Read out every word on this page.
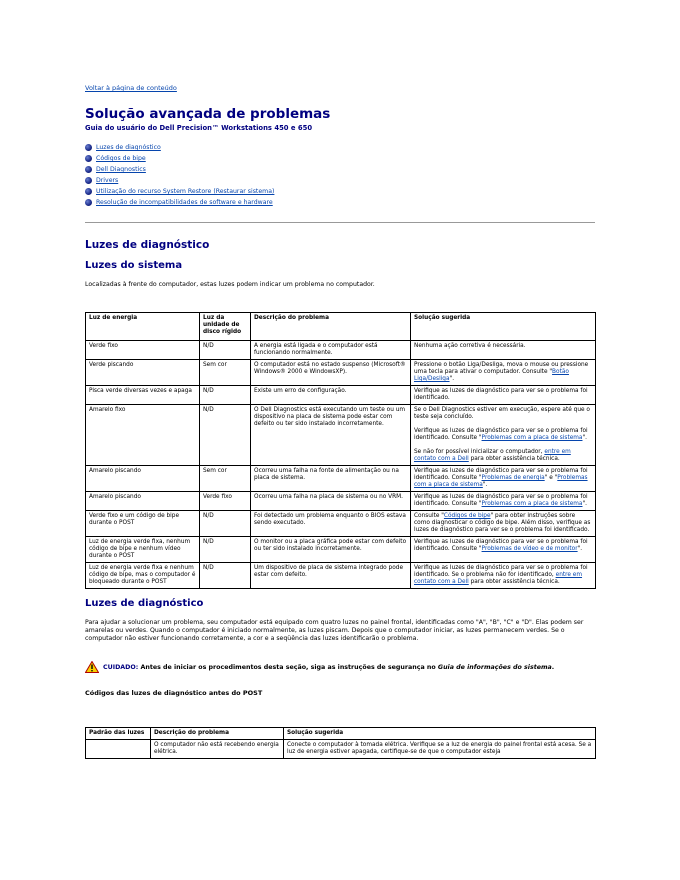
Voltar à página de conteúdo
Solução avançada de problemas
Guia do usuário do Dell Precision™ Workstations 450 e 650
Luzes de diagnóstico
Códigos de bipe
Dell Diagnostics
Drivers
Utilização do recurso System Restore (Restaurar sistema)
Resolução de incompatibilidades de software e hardware
Luzes de diagnóstico
Luzes do sistema

Localizadas à frente do computador, estas luzes podem indicar um problema no computador.

Luz de energia	Luz da unidade de disco rígido	Descrição do problema	Solução sugerida
Verde fixo	N/D	A energia está ligada e o computador está funcionando normalmente.	Nenhuma ação corretiva é necessária.
Verde piscando	Sem cor	O computador está no estado suspenso (Microsoft® Windows® 2000 e WindowsXP).	Pressione o botão Liga/Desliga, mova o mouse ou pressione uma tecla para ativar o computador. Consulte "Botão Liga/Desliga".
Pisca verde diversas vezes e apaga	N/D	Existe um erro de configuração.	Verifique as luzes de diagnóstico para ver se o problema foi identificado.
Amarelo fixo	N/D	O Dell Diagnostics está executando um teste ou um dispositivo na placa de sistema pode estar com defeito ou ter sido instalado incorretamente.	Se o Dell Diagnostics estiver em execução, espere até que o teste seja concluído.

Verifique as luzes de diagnóstico para ver se o problema foi identificado. Consulte "Problemas com a placa de sistema".

Se não for possível inicializar o computador, entre em contato com a Dell para obter assistência técnica.

Amarelo piscando	Sem cor	Ocorreu uma falha na fonte de alimentação ou na placa de sistema.	Verifique as luzes de diagnóstico para ver se o problema foi identificado. Consulte "Problemas de energia" e "Problemas com a placa de sistema".
Amarelo piscando	Verde fixo	Ocorreu uma falha na placa de sistema ou no VRM.	Verifique as luzes de diagnóstico para ver se o problema foi identificado. Consulte "Problemas com a placa de sistema".
Verde fixo e um código de bipe durante o POST	N/D	Foi detectado um problema enquanto o BIOS estava sendo executado.	Consulte "Códigos de bipe" para obter instruções sobre como diagnosticar o código de bipe. Além disso, verifique as luzes de diagnóstico para ver se o problema foi identificado.
Luz de energia verde fixa, nenhum código de bipe e nenhum vídeo durante o POST	N/D	O monitor ou a placa gráfica pode estar com defeito ou ter sido instalado incorretamente.	Verifique as luzes de diagnóstico para ver se o problema foi identificado. Consulte "Problemas de vídeo e de monitor".
Luz de energia verde fixa e nenhum código de bipe, mas o computador é bloqueado durante o POST	N/D	Um dispositivo de placa de sistema integrado pode estar com defeito.	Verifique as luzes de diagnóstico para ver se o problema foi identificado. Se o problema não for identificado, entre em contato com a Dell para obter assistência técnica.
Luzes de diagnóstico

Para ajudar a solucionar um problema, seu computador está equipado com quatro luzes no painel frontal, identificadas como "A", "B", "C" e "D". Elas podem ser amarelas ou verdes. Quando o computador é iniciado normalmente, as luzes piscam. Depois que o computador iniciar, as luzes permanecem verdes. Se o computador não estiver funcionando corretamente, a cor e a seqüência das luzes identificarão o problema.

CUIDADO: Antes de iniciar os procedimentos desta seção, siga as instruções de segurança no Guia de informações do sistema.
Códigos das luzes de diagnóstico antes do POST
Padrão das luzes	Descrição do problema	Solução sugerida
	O computador não está recebendo energia elétrica.	Conecte o computador à tomada elétrica. Verifique se a luz de energia do painel frontal está acesa. Se a luz de energia estiver apagada, certifique-se de que o computador esteja
